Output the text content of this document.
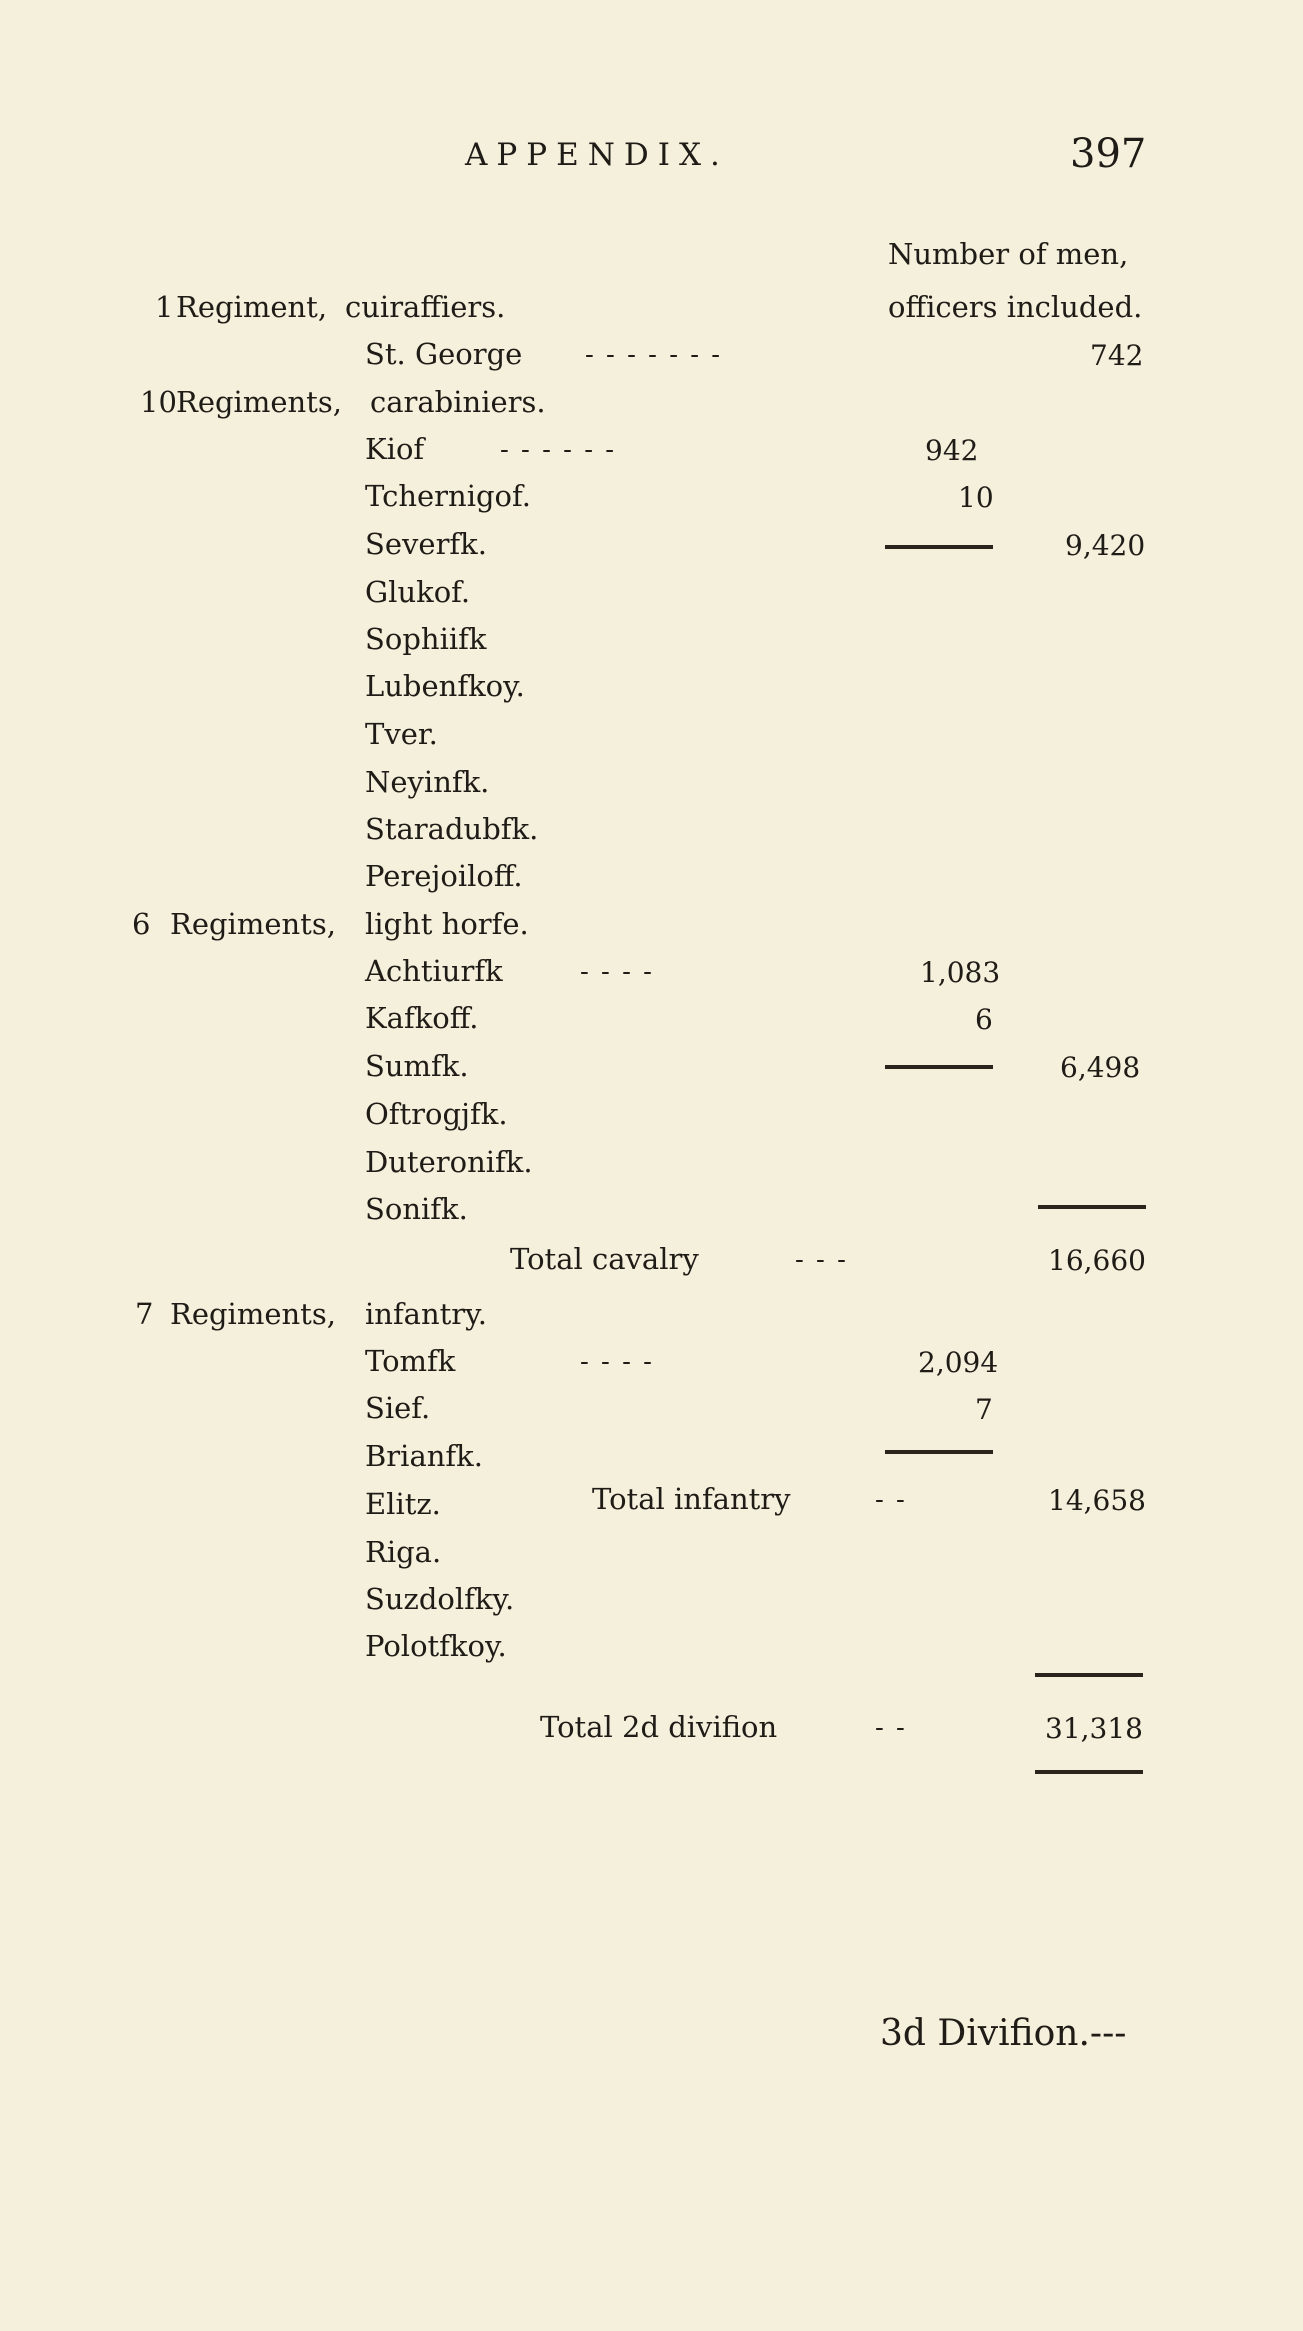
APPENDIX.	397
Number of men,
officers included.
1 Regiment, cuiraffiers.
St. George - - - - - - -	742
10 Regiments, carabiniers.
Kiof	- - - - - -	942
Tchernigof.	10
Severfk.	9,420
Glukof.
Sophiifk
Lubenfkoy.
Tver.
Neyinfk.
Staradubfk.
Perejoiloff.
6 Regiments, light horfe.
Achtiurfk	- - - -	1,083
Kafkoff.	6
Sumfk.	6,498
Oftrogjfk.
Duteronifk.
Sonifk.
Total cavalry	- - -	16,660
7 Regiments, infantry.
Tomfk	- - - -	2,094
Sief.	7
Brianfk.
Elitz.	Total infantry	- -	14,658
Riga.
Suzdolfky.
Polotfkoy.
Total 2d divifion	- -	31,318
3d Divifion.---
